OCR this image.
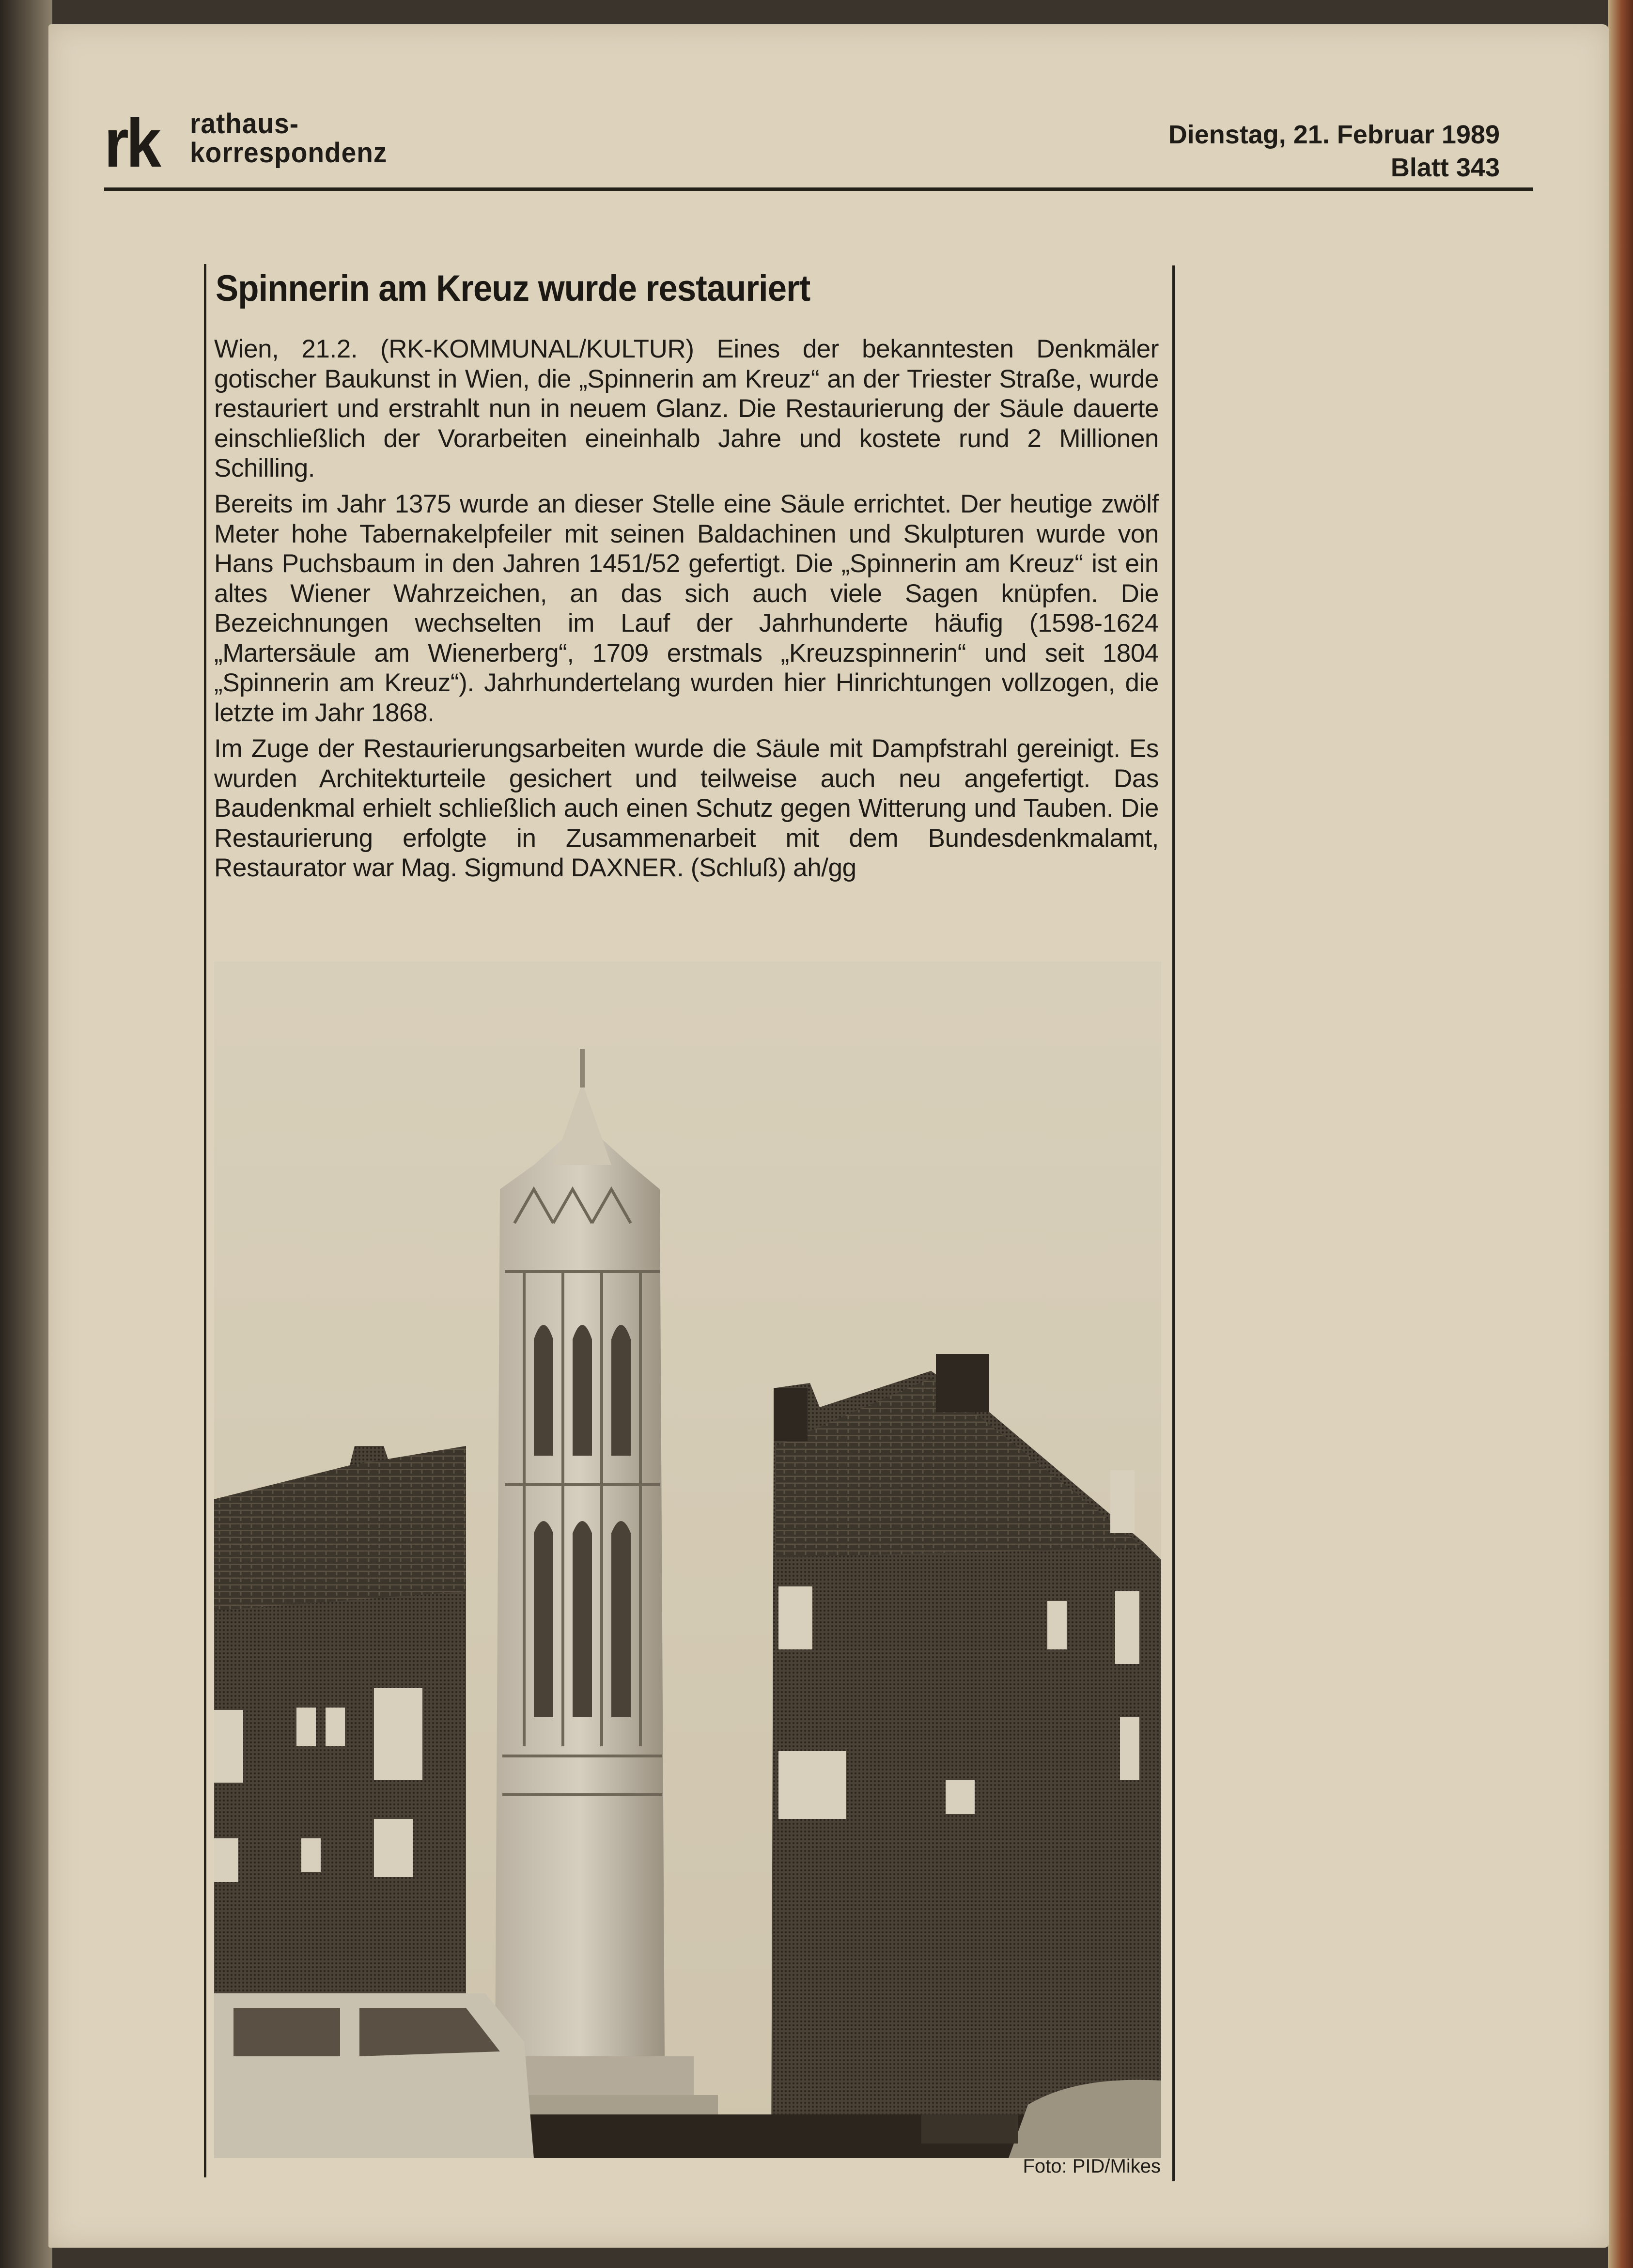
rk rathaus-
korrespondenz
Dienstag, 21. Februar 1989
Blatt 343
Spinnerin am Kreuz wurde restauriert
Wien, 21.2. (RK-KOMMUNAL/KULTUR) Eines der bekanntesten Denkmäler gotischer Baukunst in Wien, die „Spinnerin am Kreuz“ an der Triester Straße, wurde restauriert und erstrahlt nun in neuem Glanz. Die Restaurierung der Säule dauerte einschließlich der Vorarbeiten eineinhalb Jahre und kostete rund 2 Millionen Schilling.
Bereits im Jahr 1375 wurde an dieser Stelle eine Säule errichtet. Der heutige zwölf Meter hohe Tabernakelpfeiler mit seinen Baldachinen und Skulpturen wurde von Hans Puchsbaum in den Jahren 1451/52 gefertigt. Die „Spinnerin am Kreuz“ ist ein altes Wiener Wahrzeichen, an das sich auch viele Sagen knüpfen. Die Bezeichnungen wechselten im Lauf der Jahrhunderte häufig (1598-1624 „Martersäule am Wienerberg“, 1709 erstmals „Kreuzspinnerin“ und seit 1804 „Spinnerin am Kreuz“). Jahrhundertelang wurden hier Hinrichtungen vollzogen, die letzte im Jahr 1868.
Im Zuge der Restaurierungsarbeiten wurde die Säule mit Dampfstrahl gereinigt. Es wurden Architekturteile gesichert und teilweise auch neu angefertigt. Das Baudenkmal erhielt schließlich auch einen Schutz gegen Witterung und Tauben. Die Restaurierung erfolgte in Zusammenarbeit mit dem Bundesdenkmalamt, Restaurator war Mag. Sigmund DAXNER. (Schluß) ah/gg
Foto: PID/Mikes
